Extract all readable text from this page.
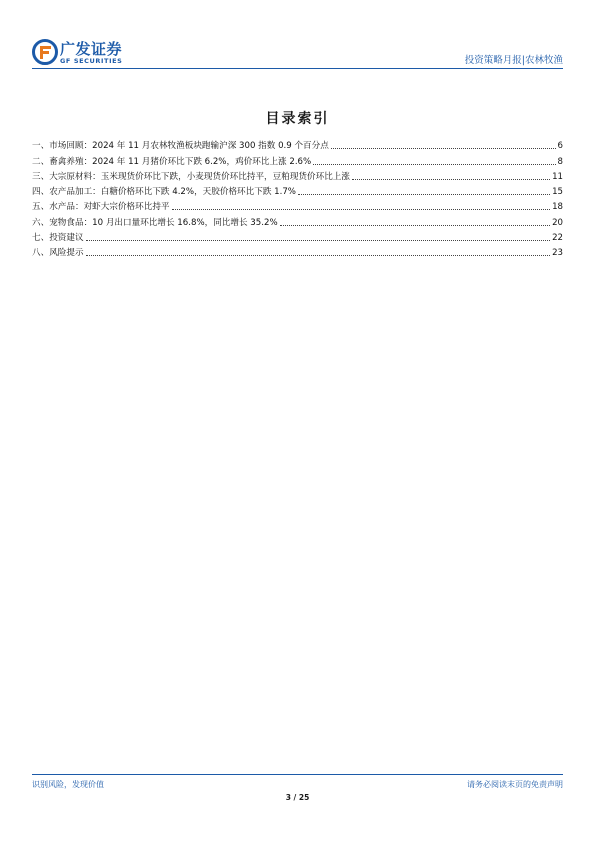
广发证券
GF SECURITIES	投资策略月报|农林牧渔
目录索引
一、市场回顾：2024 年 11 月农林牧渔板块跑输沪深 300 指数 0.9 个百分点	6
二、畜禽养殖：2024 年 11 月猪价环比下跌 6.2%，鸡价环比上涨 2.6%	8
三、大宗原材料：玉米现货价环比下跌，小麦现货价环比持平，豆粕现货价环比上涨	11
四、农产品加工：白糖价格环比下跌 4.2%，天胶价格环比下跌 1.7%	15
五、水产品：对虾大宗价格环比持平	18
六、宠物食品：10 月出口量环比增长 16.8%，同比增长 35.2%	20
七、投资建议	22
八、风险提示	23
识别风险，发现价值	请务必阅读末页的免责声明
3 / 25
